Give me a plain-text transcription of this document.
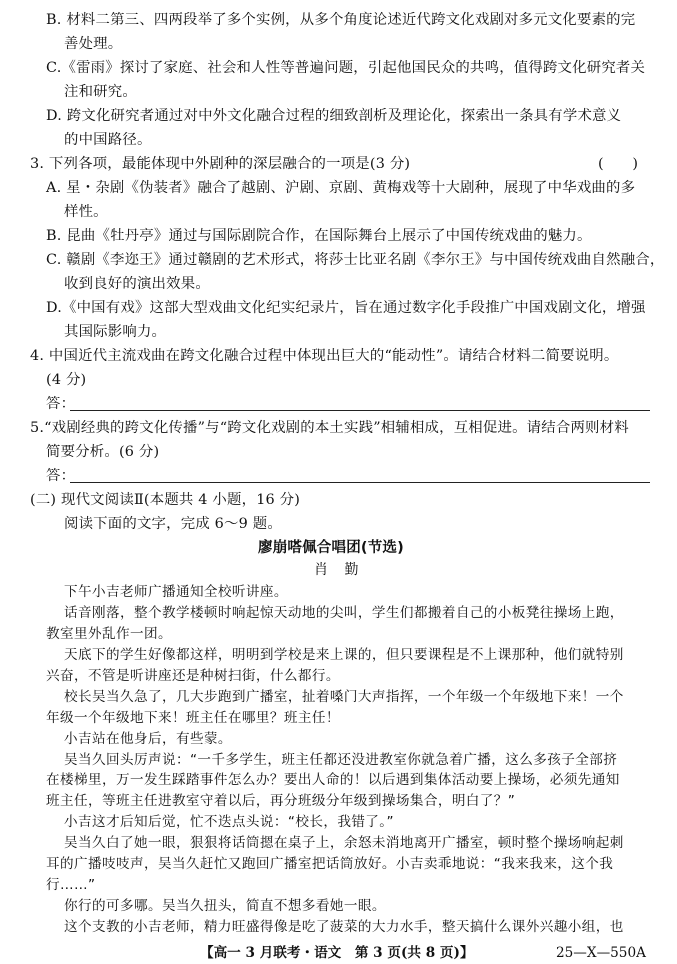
B. 材料二第三、四两段举了多个实例，从多个角度论述近代跨文化戏剧对多元文化要素的完
善处理。
C.《雷雨》探讨了家庭、社会和人性等普遍问题，引起他国民众的共鸣，值得跨文化研究者关
注和研究。
D. 跨文化研究者通过对中外文化融合过程的细致剖析及理论化，探索出一条具有学术意义
的中国路径。
3. 下列各项，最能体现中外剧种的深层融合的一项是(3 分)	(　　)
A. 星・杂剧《伪装者》融合了越剧、沪剧、京剧、黄梅戏等十大剧种，展现了中华戏曲的多
样性。
B. 昆曲《牡丹亭》通过与国际剧院合作，在国际舞台上展示了中国传统戏曲的魅力。
C. 赣剧《李迩王》通过赣剧的艺术形式，将莎士比亚名剧《李尔王》与中国传统戏曲自然融合，
收到良好的演出效果。
D.《中国有戏》这部大型戏曲文化纪实纪录片，旨在通过数字化手段推广中国戏剧文化，增强
其国际影响力。
4. 中国近代主流戏曲在跨文化融合过程中体现出巨大的“能动性”。请结合材料二简要说明。
(4 分)
答：
5.“戏剧经典的跨文化传播”与“跨文化戏剧的本土实践”相辅相成，互相促进。请结合两则材料
简要分析。(6 分)
答：
(二) 现代文阅读Ⅱ(本题共 4 小题，16 分)
阅读下面的文字，完成 6～9 题。
廖崩嗒佩合唱团(节选)
肖 勤
下午小吉老师广播通知全校听讲座。
话音刚落，整个教学楼顿时响起惊天动地的尖叫，学生们都搬着自己的小板凳往操场上跑，
教室里外乱作一团。
天底下的学生好像都这样，明明到学校是来上课的，但只要课程是不上课那种，他们就特别
兴奋，不管是听讲座还是种树扫街，什么都行。
校长吴当久急了，几大步跑到广播室，扯着嗓门大声指挥，一个年级一个年级地下来！一个
年级一个年级地下来！班主任在哪里？班主任！
小吉站在他身后，有些蒙。
吴当久回头厉声说：“一千多学生，班主任都还没进教室你就急着广播，这么多孩子全部挤
在楼梯里，万一发生踩踏事件怎么办？要出人命的！以后遇到集体活动要上操场，必须先通知
班主任，等班主任进教室守着以后，再分班级分年级到操场集合，明白了？”
小吉这才后知后觉，忙不迭点头说：“校长，我错了。”
吴当久白了她一眼，狠狠将话筒摁在桌子上，余怒未消地离开广播室，顿时整个操场响起刺
耳的广播吱吱声，吴当久赶忙又跑回广播室把话筒放好。小吉卖乖地说：“我来我来，这个我
行……”
你行的可多哪。吴当久扭头，简直不想多看她一眼。
这个支教的小吉老师，精力旺盛得像是吃了菠菜的大力水手，整天搞什么课外兴趣小组，也
【高一 3 月联考・语文　第 3 页(共 8 页)】	25—X—550A
